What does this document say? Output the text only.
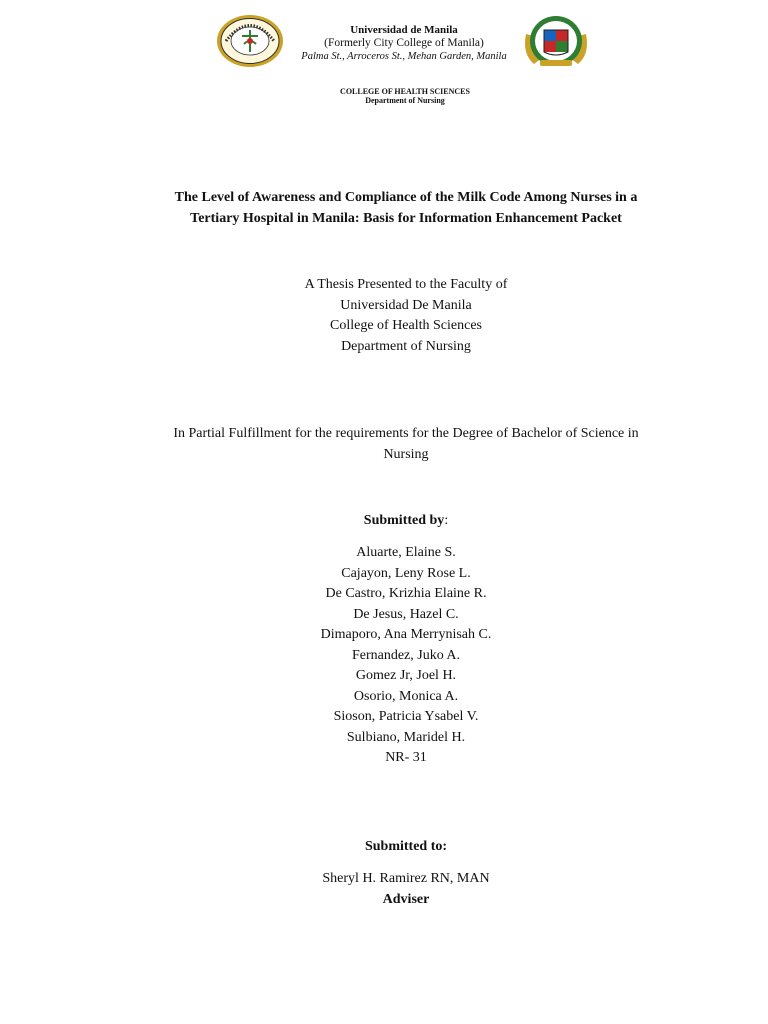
Universidad de Manila
(Formerly City College of Manila)
Palma St., Arroceros St., Mehan Garden, Manila
COLLEGE OF HEALTH SCIENCES
Department of Nursing
The Level of Awareness and Compliance of the Milk Code Among Nurses in a
Tertiary Hospital in Manila: Basis for Information Enhancement Packet
A Thesis Presented to the Faculty of
Universidad De Manila
College of Health Sciences
Department of Nursing
In Partial Fulfillment for the requirements for the Degree of Bachelor of Science in
Nursing
Submitted by:
Aluarte, Elaine S.
Cajayon, Leny Rose L.
De Castro, Krizhia Elaine R.
De Jesus, Hazel C.
Dimaporo, Ana Merrynisah C.
Fernandez, Juko A.
Gomez Jr, Joel H.
Osorio, Monica A.
Sioson, Patricia Ysabel V.
Sulbiano, Maridel H.
NR- 31
Submitted to:
Sheryl H. Ramirez RN, MAN
Adviser
